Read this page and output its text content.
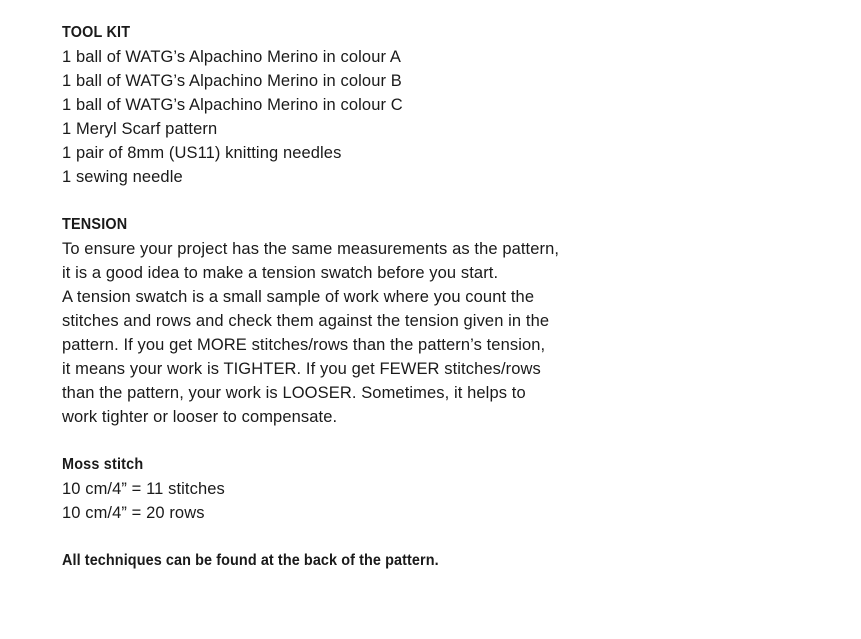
TOOL KIT
1 ball of WATG’s Alpachino Merino in colour A
1 ball of WATG’s Alpachino Merino in colour B
1 ball of WATG’s Alpachino Merino in colour C
1 Meryl Scarf pattern
1 pair of 8mm (US11) knitting needles
1 sewing needle
TENSION
To ensure your project has the same measurements as the pattern,
it is a good idea to make a tension swatch before you start.
A tension swatch is a small sample of work where you count the
stitches and rows and check them against the tension given in the
pattern. If you get MORE stitches/rows than the pattern’s tension,
it means your work is TIGHTER. If you get FEWER stitches/rows
than the pattern, your work is LOOSER. Sometimes, it helps to
work tighter or looser to compensate.
Moss stitch
10 cm/4” = 11 stitches
10 cm/4” = 20 rows
All techniques can be found at the back of the pattern.
